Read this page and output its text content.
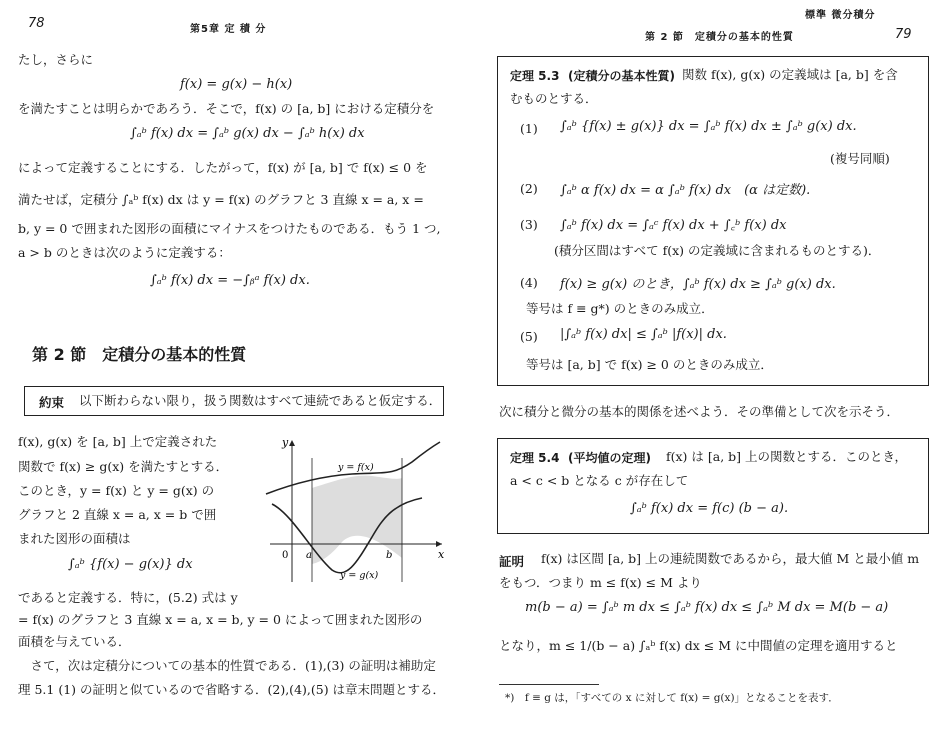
78	第5章 定 積 分
たし，さらに
f(x) = g(x) − h(x)
を満たすことは明らかであろう．そこで，f(x) の [a, b] における定積分を
∫ₐᵇ f(x) dx = ∫ₐᵇ g(x) dx − ∫ₐᵇ h(x) dx
によって定義することにする．したがって，f(x) が [a, b] で f(x) ≤ 0 を
満たせば，定積分 ∫ₐᵇ f(x) dx は y = f(x) のグラフと 3 直線 x = a, x =
b, y = 0 で囲まれた図形の面積にマイナスをつけたものである．もう 1 つ,
a > b のときは次のように定義する：
∫ₐᵇ f(x) dx = −∫ᵦᵃ f(x) dx.
第 2 節　定積分の基本的性質
約束 以下断わらない限り，扱う関数はすべて連続であると仮定する．
f(x), g(x) を [a, b] 上で定義された
関数で f(x) ≥ g(x) を満たすとする．
このとき，y = f(x) と y = g(x) の
グラフと 2 直線 x = a, x = b で囲
まれた図形の面積は
∫ₐᵇ {f(x) − g(x)} dx
であると定義する．特に，(5.2) 式は y
= f(x) のグラフと 3 直線 x = a, x = b, y = 0 によって囲まれた図形の
面積を与えている．
　さて，次は定積分についての基本的性質である．(1),(3) の証明は補助定
理 5.1 (1) の証明と似ているので省略する．(2),(4),(5) は章末問題とする．
y
x
0 a	b
y = f(x)
y = g(x)
標準 微分積分
第 2 節　定積分の基本的性質	79
定理 5.3 (定積分の基本性質) 関数 f(x), g(x) の定義域は [a, b] を含
むものとする．
(1) ∫ₐᵇ {f(x) ± g(x)} dx = ∫ₐᵇ f(x) dx ± ∫ₐᵇ g(x) dx.
(複号同順)
(2) ∫ₐᵇ α f(x) dx = α ∫ₐᵇ f(x) dx　(α は定数).
(3) ∫ₐᵇ f(x) dx = ∫ₐᶜ f(x) dx + ∫꜀ᵇ f(x) dx
(積分区間はすべて f(x) の定義域に含まれるものとする)．
(4) f(x) ≥ g(x) のとき，∫ₐᵇ f(x) dx ≥ ∫ₐᵇ g(x) dx.
等号は f ≡ g*) のときのみ成立．
(5) |∫ₐᵇ f(x) dx| ≤ ∫ₐᵇ |f(x)| dx.
等号は [a, b] で f(x) ≥ 0 のときのみ成立．
次に積分と微分の基本的関係を述べよう．その準備として次を示そう．
定理 5.4 (平均値の定理) f(x) は [a, b] 上の関数とする．このとき，
a < c < b となる c が存在して
∫ₐᵇ f(x) dx = f(c) (b − a).
証明 f(x) は区間 [a, b] 上の連続関数であるから，最大値 M と最小値 m
をもつ．つまり m ≤ f(x) ≤ M より
m(b − a) = ∫ₐᵇ m dx ≤ ∫ₐᵇ f(x) dx ≤ ∫ₐᵇ M dx = M(b − a)
となり，m ≤ 1/(b − a) ∫ₐᵇ f(x) dx ≤ M に中間値の定理を適用すると
*)　f ≡ g は，「すべての x に対して f(x) = g(x)」となることを表す．
